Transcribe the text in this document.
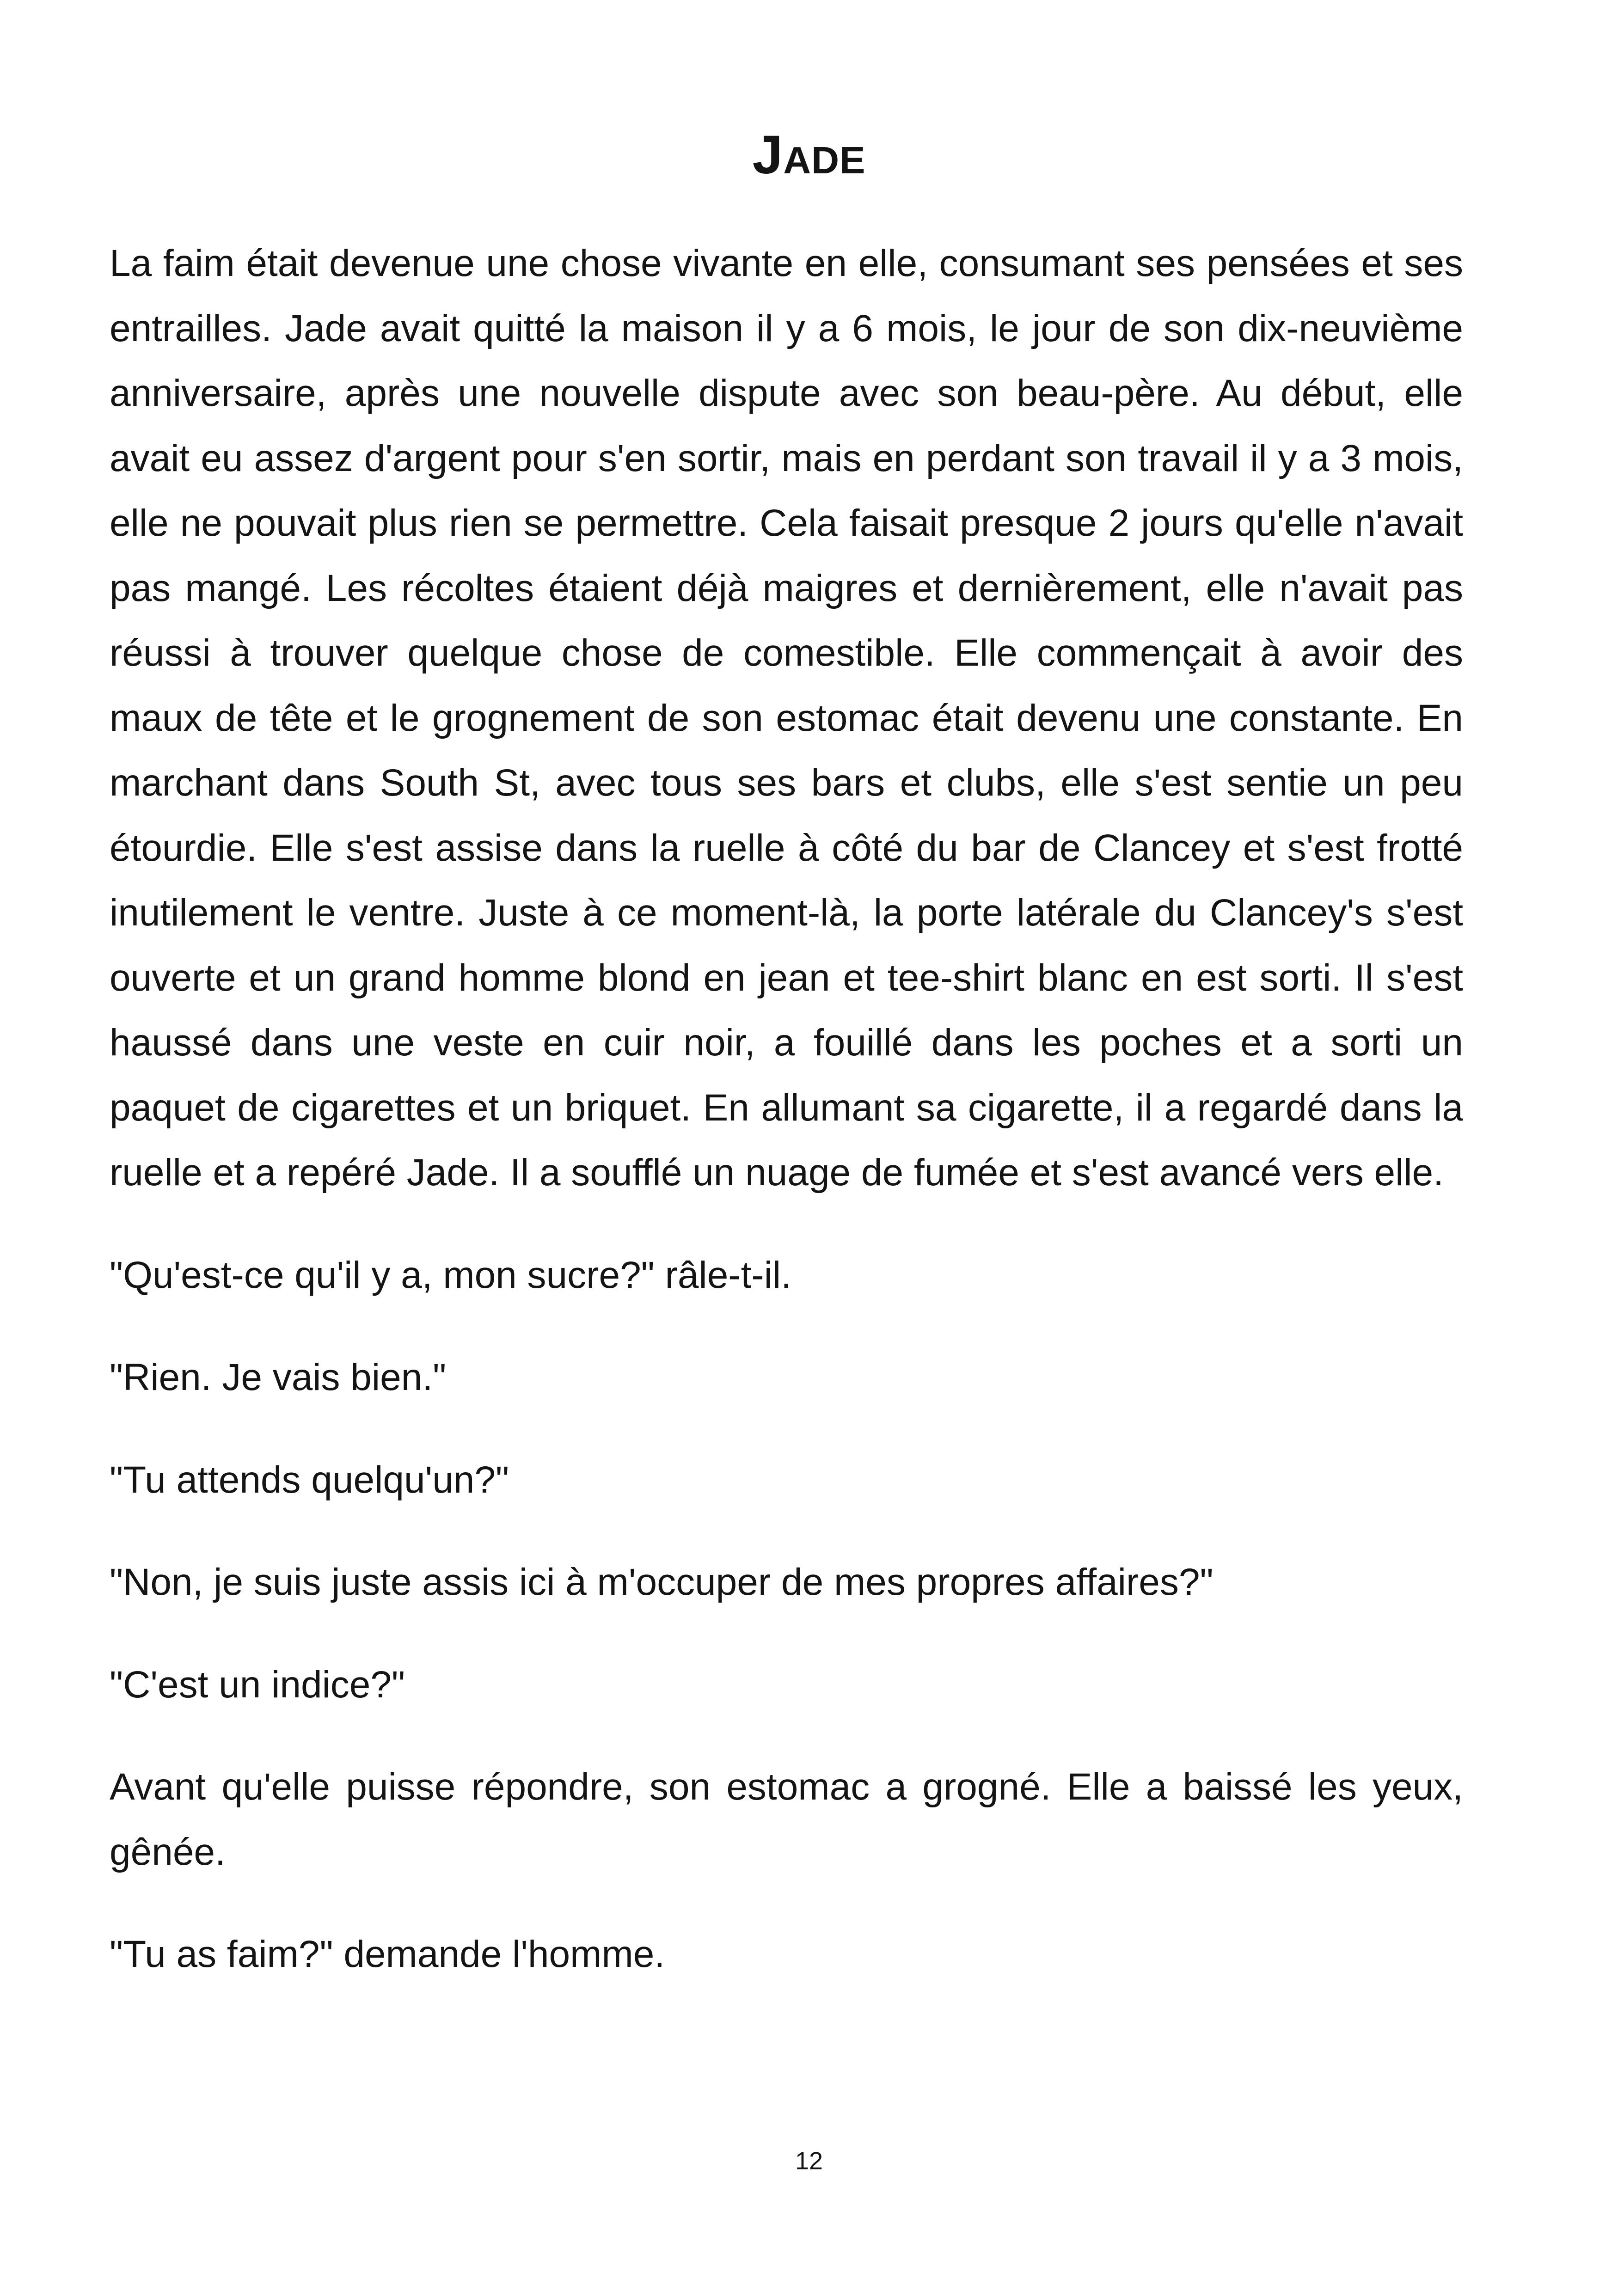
Jade

La faim était devenue une chose vivante en elle, consumant ses pensées et ses entrailles. Jade avait quitté la maison il y a 6 mois, le jour de son dix-neuvième anniversaire, après une nouvelle dispute avec son beau-père. Au début, elle avait eu assez d'argent pour s'en sortir, mais en perdant son travail il y a 3 mois, elle ne pouvait plus rien se permettre. Cela faisait presque 2 jours qu'elle n'avait pas mangé. Les récoltes étaient déjà maigres et dernièrement, elle n'avait pas réussi à trouver quelque chose de comestible. Elle commençait à avoir des maux de tête et le grognement de son estomac était devenu une constante. En marchant dans South St, avec tous ses bars et clubs, elle s'est sentie un peu étourdie. Elle s'est assise dans la ruelle à côté du bar de Clancey et s'est frotté inutilement le ventre. Juste à ce moment-là, la porte latérale du Clancey's s'est ouverte et un grand homme blond en jean et tee-shirt blanc en est sorti. Il s'est haussé dans une veste en cuir noir, a fouillé dans les poches et a sorti un paquet de cigarettes et un briquet. En allumant sa cigarette, il a regardé dans la ruelle et a repéré Jade. Il a soufflé un nuage de fumée et s'est avancé vers elle.

"Qu'est-ce qu'il y a, mon sucre?" râle-t-il.

"Rien. Je vais bien."

"Tu attends quelqu'un?"

"Non, je suis juste assis ici à m'occuper de mes propres affaires?"

"C'est un indice?"

Avant qu'elle puisse répondre, son estomac a grogné. Elle a baissé les yeux, gênée.

"Tu as faim?" demande l'homme.

12
